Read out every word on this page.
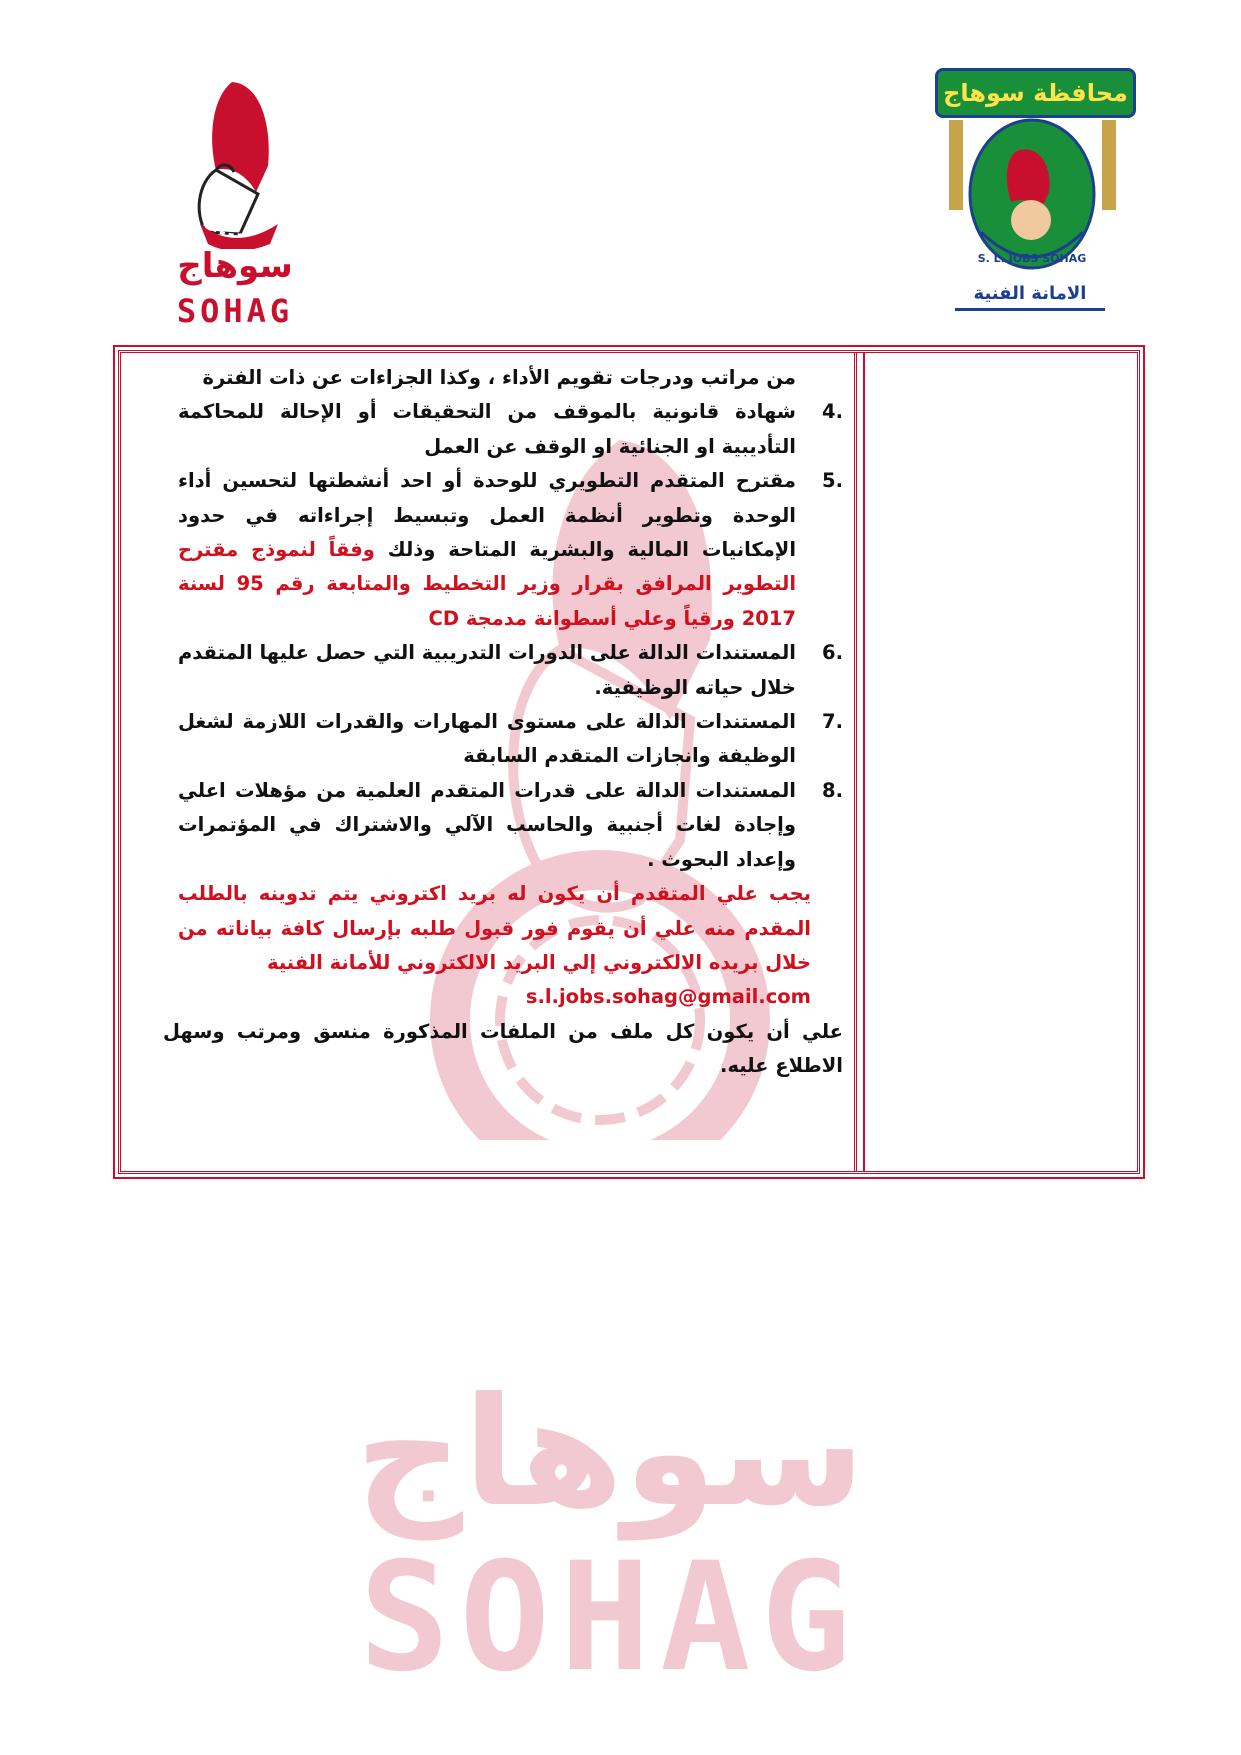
سوهاج
SOHAG
سوهاج
SOHAG
محافظة سوهاج
S. L. JOBS SOHAG
الامانة الفنية
من مراتب ودرجات تقويم الأداء ، وكذا الجزاءات عن ذات الفترة
4.
شهادة قانونية بالموقف من التحقيقات أو الإحالة للمحاكمة التأديبية او الجنائية او الوقف عن العمل
5.
مقترح المتقدم التطويري للوحدة أو احد أنشطتها لتحسين أداء الوحدة وتطوير أنظمة العمل وتبسيط إجراءاته في حدود الإمكانيات المالية والبشرية المتاحة وذلك وفقاً لنموذج مقترح التطوير المرافق بقرار وزير التخطيط والمتابعة رقم 95 لسنة 2017 ورقياً وعلي أسطوانة مدمجة CD
6.
المستندات الدالة على الدورات التدريبية التي حصل عليها المتقدم خلال حياته الوظيفية.
7.
المستندات الدالة على مستوى المهارات والقدرات اللازمة لشغل الوظيفة وانجازات المتقدم السابقة
8.
المستندات الدالة على قدرات المتقدم العلمية من مؤهلات اعلي وإجادة لغات أجنبية والحاسب الآلي والاشتراك في المؤتمرات وإعداد البحوث .
يجب علي المتقدم أن يكون له بريد اكتروني يتم تدوينه بالطلب المقدم منه علي أن يقوم فور قبول طلبه بإرسال كافة بياناته من خلال بريده الالكتروني إلي البريد الالكتروني للأمانة الفنية
s.l.jobs.sohag@gmail.com
علي أن يكون كل ملف من الملفات المذكورة منسق ومرتب وسهل الاطلاع عليه.
